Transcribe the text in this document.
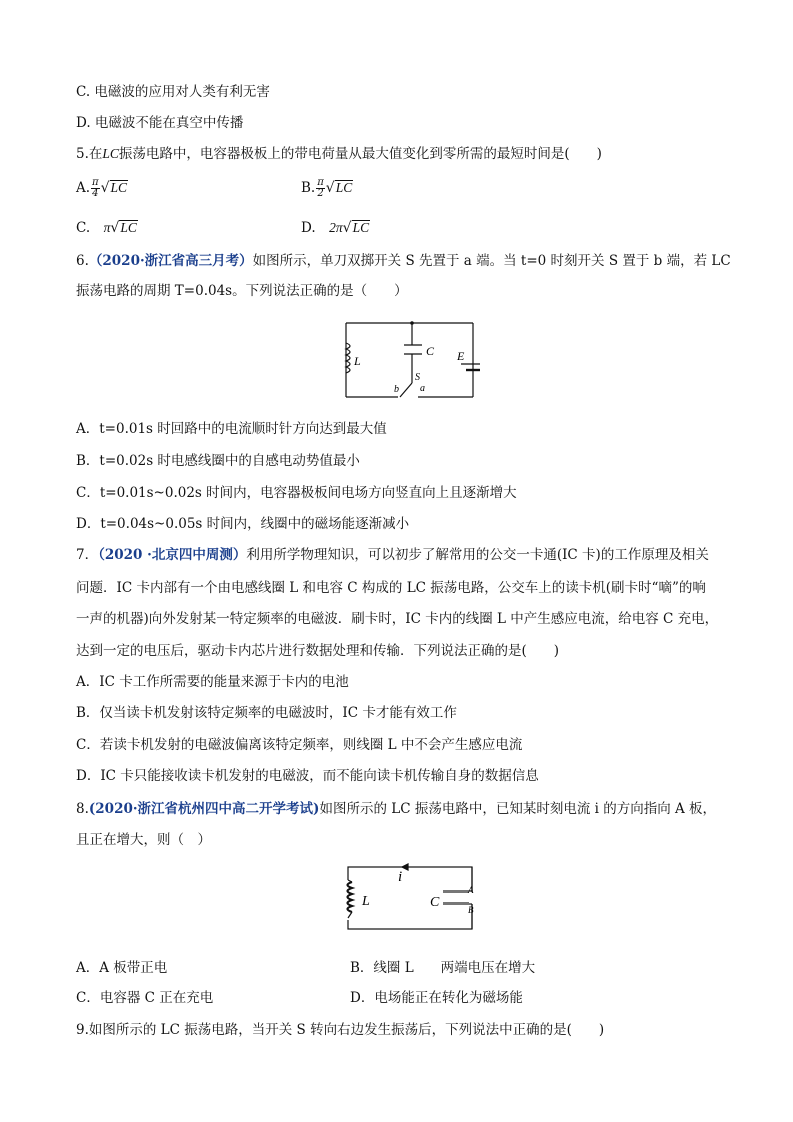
C. 电磁波的应用对人类有利无害
D. 电磁波不能在真空中传播
5.在LC振荡电路中，电容器极板上的带电荷量从最大值变化到零所需的最短时间是(　　)
A. $\frac{\pi}{4} √LC$	B. $\frac{\pi}{2} √LC$
C.  π√LC	D.  2π√LC
6.（2020·浙江省高三月考）如图所示，单刀双掷开关 S 先置于 a 端。当 t=0 时刻开关 S 置于 b 端，若 LC
振荡电路的周期 T=0.04s。下列说法正确的是（　　）
L
C E
S
a
b
A．t=0.01s 时回路中的电流顺时针方向达到最大值
B．t=0.02s 时电感线圈中的自感电动势值最小
C．t=0.01s~0.02s 时间内，电容器极板间电场方向竖直向上且逐渐增大
D．t=0.04s~0.05s 时间内，线圈中的磁场能逐渐减小
7．（2020 ·北京四中周测）利用所学物理知识，可以初步了解常用的公交一卡通(IC 卡)的工作原理及相关
问题．IC 卡内部有一个由电感线圈 L 和电容 C 构成的 LC 振荡电路，公交车上的读卡机(刷卡时“嘀”的响
一声的机器)向外发射某一特定频率的电磁波．刷卡时，IC 卡内的线圈 L 中产生感应电流，给电容 C 充电，
达到一定的电压后，驱动卡内芯片进行数据处理和传输．下列说法正确的是(　　)
A．IC 卡工作所需要的能量来源于卡内的电池
B．仅当读卡机发射该特定频率的电磁波时，IC 卡才能有效工作
C．若读卡机发射的电磁波偏离该特定频率，则线圈 L 中不会产生感应电流
D．IC 卡只能接收读卡机发射的电磁波，而不能向读卡机传输自身的数据信息
8.(2020·浙江省杭州四中高二开学考试)如图所示的 LC 振荡电路中，已知某时刻电流 i 的方向指向 A 板，
且正在增大，则（　）
i
L	C
A
B
A．A 板带正电	B．线圈 L　　两端电压在增大
C．电容器 C 正在充电	D．电场能正在转化为磁场能
9.如图所示的 LC 振荡电路，当开关 S 转向右边发生振荡后，下列说法中正确的是(　　)
